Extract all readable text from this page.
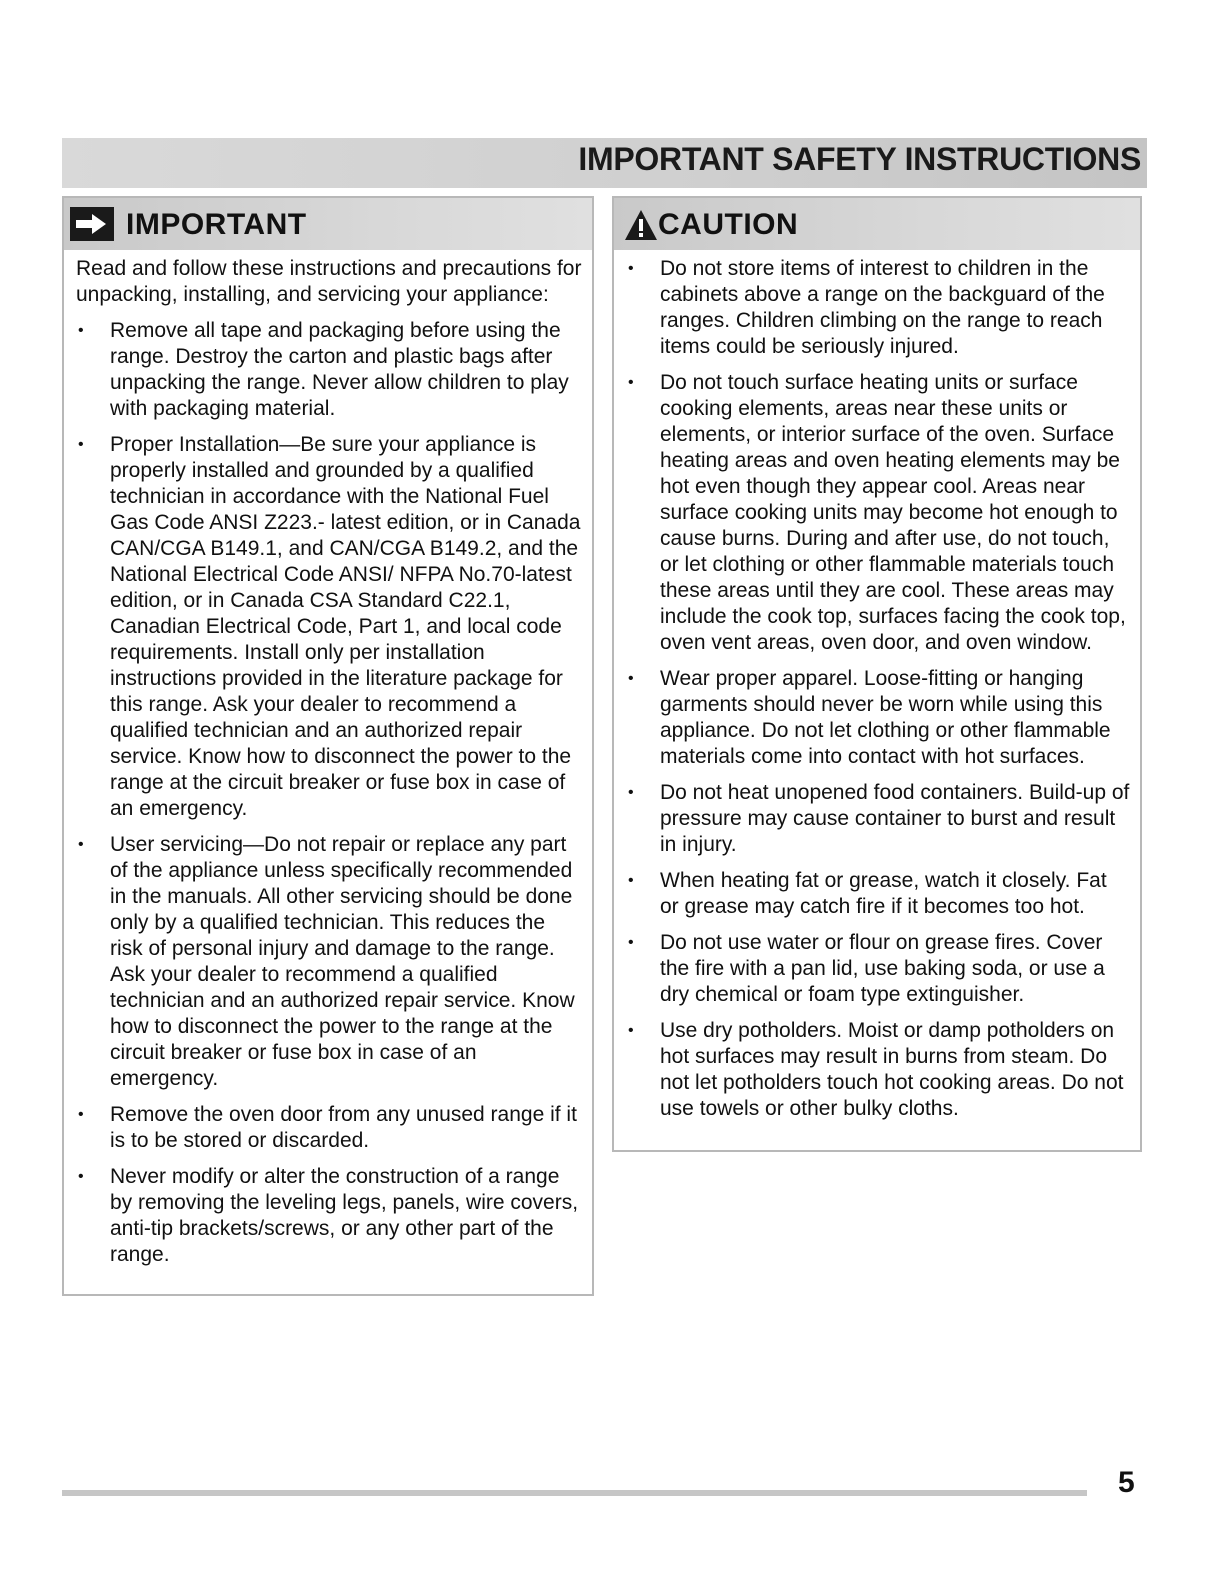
IMPORTANT SAFETY INSTRUCTIONS
IMPORTANT
Read and follow these instructions and precautions for unpacking, installing, and servicing your appliance:
• Remove all tape and packaging before using the range. Destroy the carton and plastic bags after unpacking the range. Never allow children to play with packaging material.
• Proper Installation—Be sure your appliance is properly installed and grounded by a qualified technician in accordance with the National Fuel Gas Code ANSI Z223.- latest edition, or in Canada CAN/CGA B149.1, and CAN/CGA B149.2, and the National Electrical Code ANSI/ NFPA No.70-latest edition, or in Canada CSA Standard C22.1, Canadian Electrical Code, Part 1, and local code requirements. Install only per installation instructions provided in the literature package for this range. Ask your dealer to recommend a qualified technician and an authorized repair service. Know how to disconnect the power to the range at the circuit breaker or fuse box in case of an emergency.
• User servicing—Do not repair or replace any part of the appliance unless specifically recommended in the manuals. All other servicing should be done only by a qualified technician. This reduces the risk of personal injury and damage to the range. Ask your dealer to recommend a qualified technician and an authorized repair service. Know how to disconnect the power to the range at the circuit breaker or fuse box in case of an emergency.
• Remove the oven door from any unused range if it is to be stored or discarded.
• Never modify or alter the construction of a range by removing the leveling legs, panels, wire covers, anti-tip brackets/screws, or any other part of the range.
CAUTION
• Do not store items of interest to children in the cabinets above a range on the backguard of the ranges. Children climbing on the range to reach items could be seriously injured.
• Do not touch surface heating units or surface cooking elements, areas near these units or elements, or interior surface of the oven. Surface heating areas and oven heating elements may be hot even though they appear cool. Areas near surface cooking units may become hot enough to cause burns. During and after use, do not touch, or let clothing or other flammable materials touch these areas until they are cool. These areas may include the cook top, surfaces facing the cook top, oven vent areas, oven door, and oven window.
• Wear proper apparel. Loose-fitting or hanging garments should never be worn while using this appliance. Do not let clothing or other flammable materials come into contact with hot surfaces.
• Do not heat unopened food containers. Build-up of pressure may cause container to burst and result in injury.
• When heating fat or grease, watch it closely. Fat or grease may catch fire if it becomes too hot.
• Do not use water or flour on grease fires. Cover the fire with a pan lid, use baking soda, or use a dry chemical or foam type extinguisher.
• Use dry potholders. Moist or damp potholders on hot surfaces may result in burns from steam. Do not let potholders touch hot cooking areas. Do not use towels or other bulky cloths.
5
